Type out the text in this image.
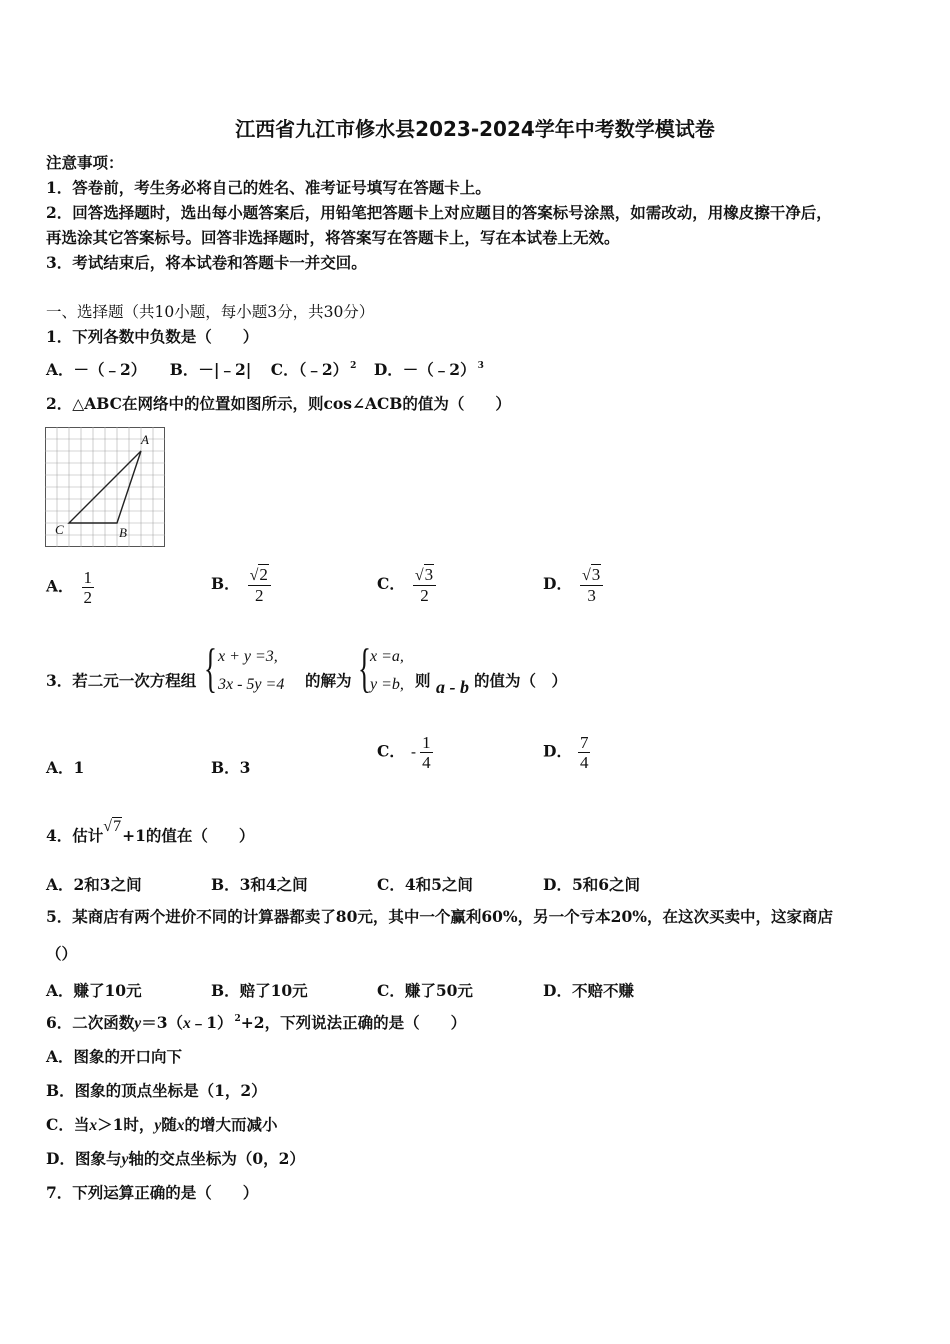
江西省九江市修水县2023-2024学年中考数学模试卷
注意事项：
1．答卷前，考生务必将自己的姓名、准考证号填写在答题卡上。
2．回答选择题时，选出每小题答案后，用铅笔把答题卡上对应题目的答案标号涂黑，如需改动，用橡皮擦干净后，
再选涂其它答案标号。回答非选择题时，将答案写在答题卡上，写在本试卷上无效。
3．考试结束后，将本试卷和答题卡一并交回。
一、选择题（共10小题，每小题3分，共30分）
1．下列各数中负数是（　　）
A．－（﹣2） B．－|﹣2| C．（﹣2） $^2$ D．－（﹣2） $^3$
2．△ABC在网络中的位置如图所示，则cos∠ACB的值为（　　）
A
B
C
A． $\frac{1}{2}$	B． $\frac{√2}{2}$	C． $\frac{√3}{2}$	D． $\frac{√3}{3}$
3．若二元一次方程组 { x + y =3,
3x - 5y =4 的解为 { x =a,
y =b, 则 a - b 的值为（　）
A．1	B．3
C． - $\frac{1}{4}$	D． $\frac{7}{4}$
4．估计√7+1的值在（　　）
A．2和3之间	B．3和4之间	C．4和5之间	D．5和6之间
5．某商店有两个进价不同的计算器都卖了80元，其中一个赢利60%，另一个亏本20%，在这次买卖中，这家商店
（）
A．赚了10元	B．赔了10元	C．赚了50元	D．不赔不赚
6．二次函数y＝3（x﹣1） $^2$+2，下列说法正确的是（　　）
A．图象的开口向下
B．图象的顶点坐标是（1，2）
C．当x＞1时，y随x的增大而减小
D．图象与y轴的交点坐标为（0，2）
7．下列运算正确的是（　　）
